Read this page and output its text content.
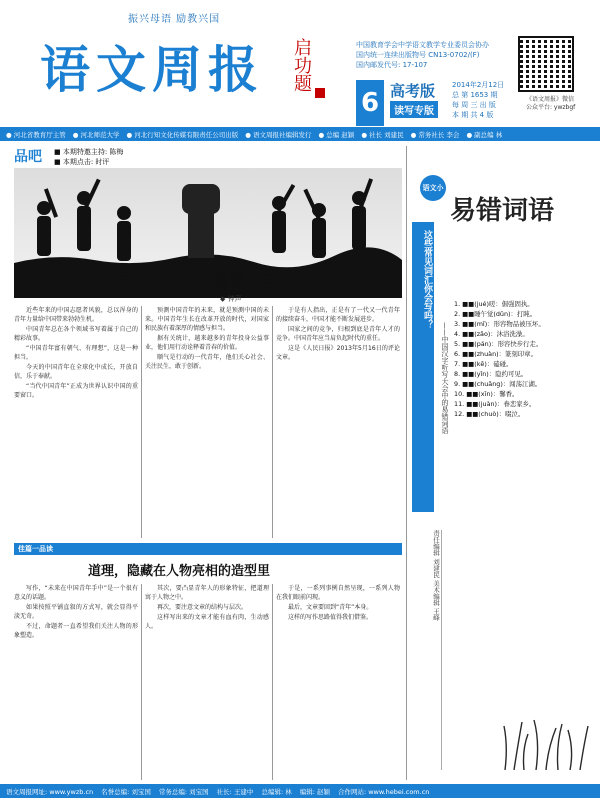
振兴母语 励教兴国
语文周报 启功题	中国教育学会中学语文教学专业委员会协办
国内统一连续出版物号 CN13-0702/(F)
国内邮发代号: 17-107
《语文周报》微信
公众平台: ywzbgf
6 高考版
读写专版
2014年2月12日
总 第 1653 期
每 周 三 出 版
本 期 共 4 版
● 河北省教育厅主管 ● 河北师范大学 ● 河北行知文化传媒有限责任公司出版 ● 语文周报社编辑发行 ● 总编 赵颖 ● 社长 刘建民 ● 常务社长 李会 ● 副总编 林
品吧 ■ 本期特邀主持: 陈梅
■ 本期点击: 时评
未来，在中国青年手中
◆ 钟声

近些年来的中国志愿者风貌，总以浑身的青年力量给中国带来勃勃生机。

中国青年总在各个领域书写着属于自己的精彩故事。

“中国青年富有朝气、有理想”，这是一种担当。

今天的中国青年在全球化中成长，开放自信，乐于奉献。

“当代中国青年”正成为世界认识中国的重要窗口。

预测中国青年的未来，就是预测中国的未来。中国青年生长在改革开放的时代，对国家和民族有着深厚的情感与担当。

据有关统计，越来越多的青年投身公益事业，他们用行动诠释着青春的价值。

顺气是行动的一代青年，他们关心社会、关注民生，敢于创新。

于是有人指出，正是有了一代又一代青年的接续奋斗，中国才能不断发展进步。

国家之间的竞争，归根到底是青年人才的竞争。中国青年应当肩负起时代的重任。

这是《人民日报》2013年5月16日的评论文章。

佳篇一品读
道理，隐藏在人物亮相的造型里

写作，“未来在中国青年手中”是一个很有意义的话题。

如果按照平铺直叙的方式写，就会显得平淡无奇。

不过，命题者一直希望我们关注人物的形象塑造。

其次，要凸显青年人的形象特征，把道理寓于人物之中。

再次，要注意文章的结构与层次。

这样写出来的文章才能有血有肉，生动感人。

于是，一系列事例自然呈现，一系列人物在我们眼前闪现。

最后，文章要回到“青年”本身。

这样的写作思路值得我们借鉴。

这些常见词汇你会写吗？
语文小
易错词语
——中国汉字听写大会中的易错词语
1. ■■(jué)嗟：倔强固执。
2. ■■睡午觉(dǔn)：打盹。
3. ■■(mǐ)：形容物品被压坏。
4. ■■(zǎo)：沐浴洗澡。
5. ■■(pán)：形容快步行走。
6. ■■(zhuàn)：篆刻印章。
7. ■■(kē)：磕碰。
8. ■■(yǐn)：隐约可见。
9. ■■(chuǎng)：闯荡江湖。
10. ■■(xīn)：馨香。
11. ■■(juàn)：眷恋家乡。
12. ■■(chuò)：啜泣。
责任编辑 刘建民 美术编辑 王峰
语文周报网址: www.ywzb.cn 名誉总编: 刘宝国 常务总编: 刘宝国 社长: 王建中 总编辑: 林 编辑: 赵颖 合作网站: www.hebei.com.cn
